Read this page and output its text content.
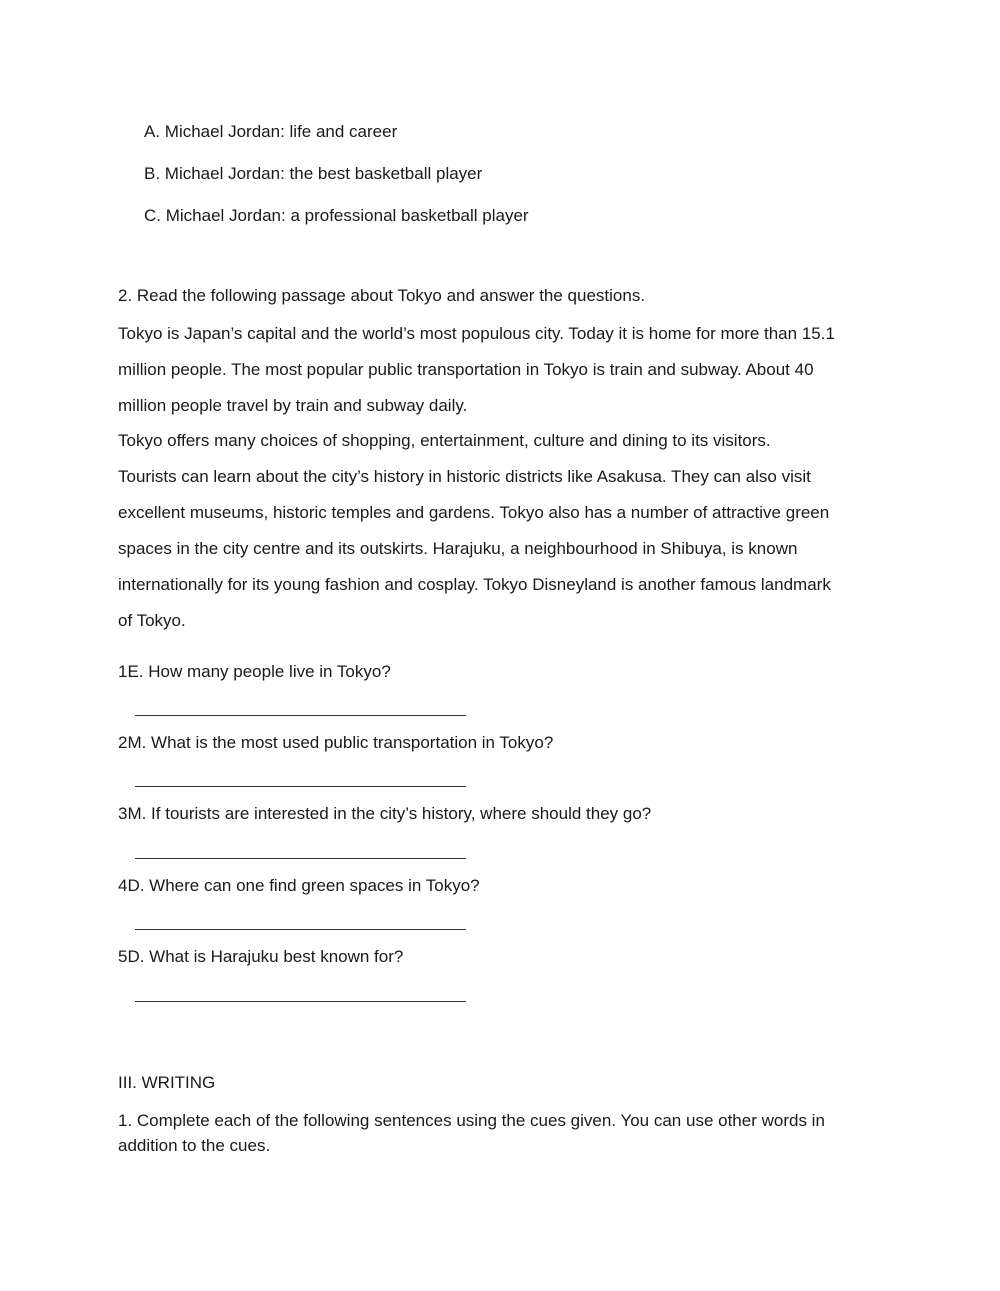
A. Michael Jordan: life and career
B. Michael Jordan: the best basketball player
C. Michael Jordan: a professional basketball player
2. Read the following passage about Tokyo and answer the questions.
Tokyo is Japan’s capital and the world’s most populous city. Today it is home for more than 15.1
million people. The most popular public transportation in Tokyo is train and subway. About 40
million people travel by train and subway daily.
Tokyo offers many choices of shopping, entertainment, culture and dining to its visitors.
Tourists can learn about the city’s history in historic districts like Asakusa. They can also visit
excellent museums, historic temples and gardens. Tokyo also has a number of attractive green
spaces in the city centre and its outskirts. Harajuku, a neighbourhood in Shibuya, is known
internationally for its young fashion and cosplay. Tokyo Disneyland is another famous landmark
of Tokyo.
1E. How many people live in Tokyo?
2M. What is the most used public transportation in Tokyo?
3M. If tourists are interested in the city’s history, where should they go?
4D. Where can one find green spaces in Tokyo?
5D. What is Harajuku best known for?
III. WRITING
1. Complete each of the following sentences using the cues given. You can use other words in
addition to the cues.
